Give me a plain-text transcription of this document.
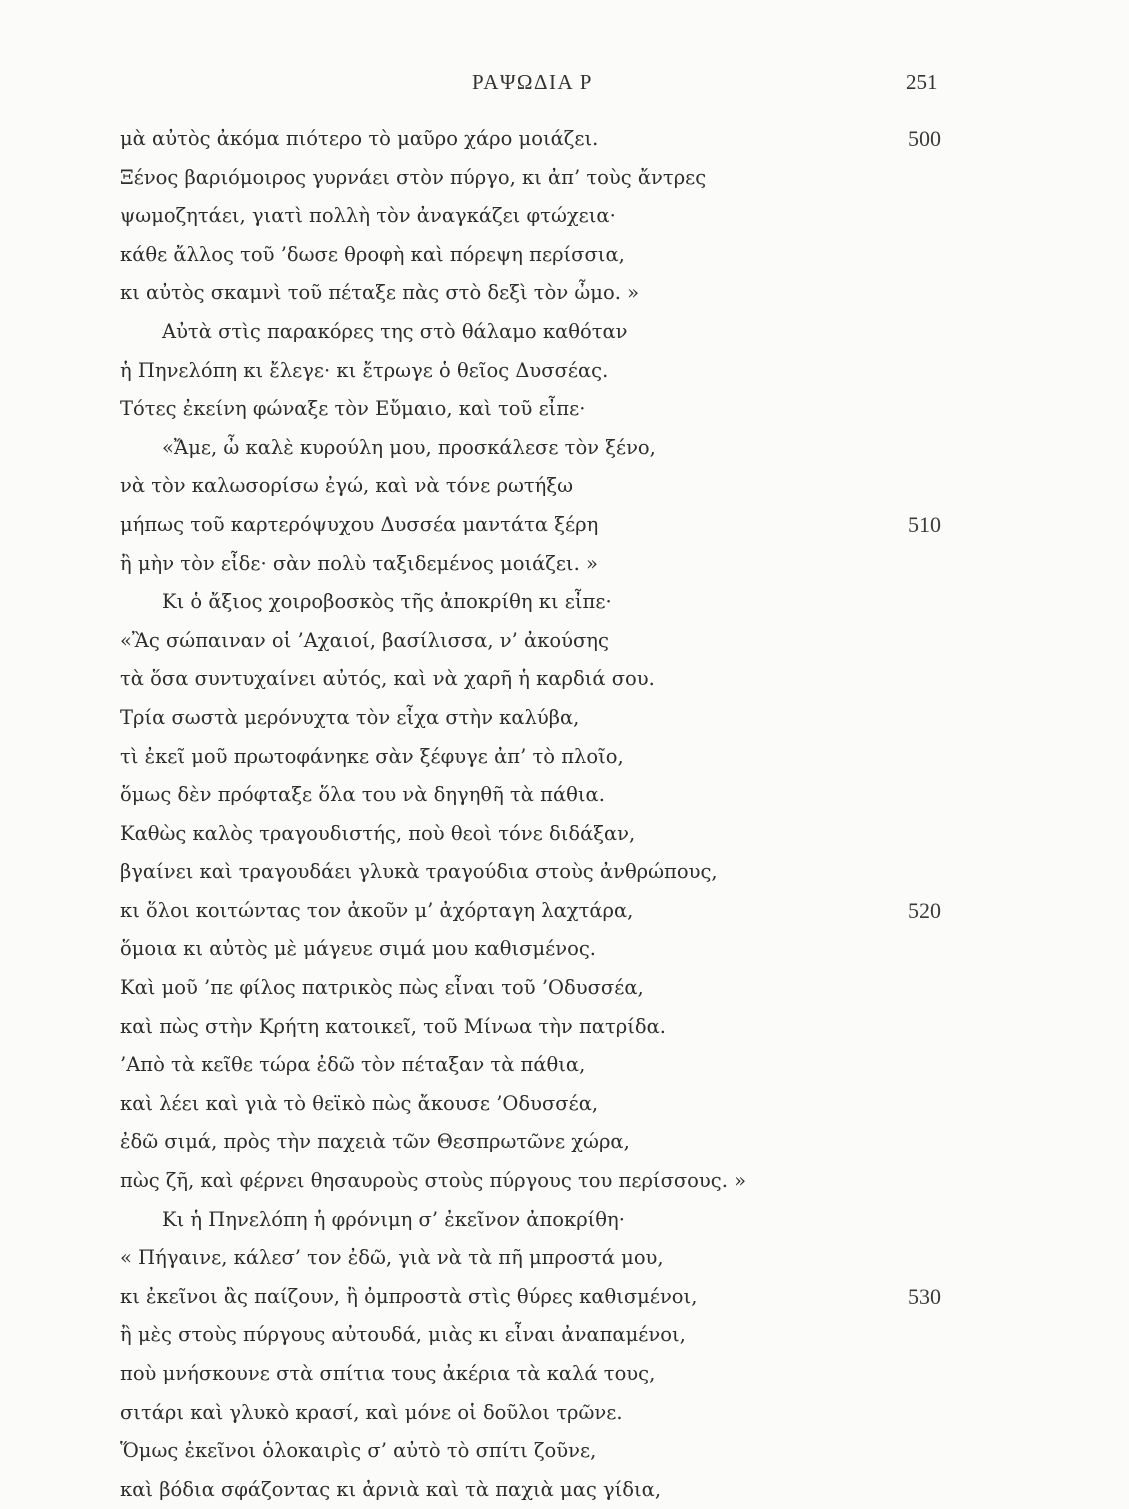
ΡΑΨΩΔΙΑ Ρ	251
μὰ αὐτὸς ἀκόμα πιότερο τὸ μαῦρο χάρο μοιάζει.	500
Ξένος βαριόμοιρος γυρνάει στὸν πύργο, κι ἀπ’ τοὺς ἄντρες
ψωμοζητάει, γιατὶ πολλὴ τὸν ἀναγκάζει φτώχεια·
κάθε ἄλλος τοῦ ’δωσε θροφὴ καὶ πόρεψη περίσσια,
κι αὐτὸς σκαμνὶ τοῦ πέταξε πὰς στὸ δεξὶ τὸν ὦμο. »
Αὐτὰ στὶς παρακόρες της στὸ θάλαμο καθόταν
ἡ Πηνελόπη κι ἔλεγε· κι ἔτρωγε ὁ θεῖος Δυσσέας.
Τότες ἐκείνη φώναξε τὸν Εὔμαιο, καὶ τοῦ εἶπε·
«Ἄμε, ὦ καλὲ κυρούλη μου, προσκάλεσε τὸν ξένο,
νὰ τὸν καλωσορίσω ἐγώ, καὶ νὰ τόνε ρωτήξω
μήπως τοῦ καρτερόψυχου Δυσσέα μαντάτα ξέρη	510
ἢ μὴν τὸν εἶδε· σὰν πολὺ ταξιδεμένος μοιάζει. »
Κι ὁ ἄξιος χοιροβοσκὸς τῆς ἀποκρίθη κι εἶπε·
«Ἂς σώπαιναν οἱ ’Αχαιοί, βασίλισσα, ν’ ἀκούσης
τὰ ὅσα συντυχαίνει αὐτός, καὶ νὰ χαρῆ ἡ καρδιά σου.
Τρία σωστὰ μερόνυχτα τὸν εἶχα στὴν καλύβα,
τὶ ἐκεῖ μοῦ πρωτοφάνηκε σὰν ξέφυγε ἀπ’ τὸ πλοῖο,
ὅμως δὲν πρόφταξε ὅλα του νὰ δηγηθῆ τὰ πάθια.
Καθὼς καλὸς τραγουδιστής, ποὺ θεοὶ τόνε διδάξαν,
βγαίνει καὶ τραγουδάει γλυκὰ τραγούδια στοὺς ἀνθρώπους,
κι ὅλοι κοιτώντας τον ἀκοῦν μ’ ἀχόρταγη λαχτάρα,	520
ὅμοια κι αὐτὸς μὲ μάγευε σιμά μου καθισμένος.
Καὶ μοῦ ’πε φίλος πατρικὸς πὼς εἶναι τοῦ ’Οδυσσέα,
καὶ πὼς στὴν Κρήτη κατοικεῖ, τοῦ Μίνωα τὴν πατρίδα.
’Απὸ τὰ κεῖθε τώρα ἐδῶ τὸν πέταξαν τὰ πάθια,
καὶ λέει καὶ γιὰ τὸ θεϊκὸ πὼς ἄκουσε ’Οδυσσέα,
ἐδῶ σιμά, πρὸς τὴν παχειὰ τῶν Θεσπρωτῶνε χώρα,
πὼς ζῆ, καὶ φέρνει θησαυροὺς στοὺς πύργους του περίσσους. »
Κι ἡ Πηνελόπη ἡ φρόνιμη σ’ ἐκεῖνον ἀποκρίθη·
« Πήγαινε, κάλεσ’ τον ἐδῶ, γιὰ νὰ τὰ πῆ μπροστά μου,
κι ἐκεῖνοι ἂς παίζουν, ἢ ὀμπροστὰ στὶς θύρες καθισμένοι,	530
ἢ μὲς στοὺς πύργους αὐτουδά, μιὰς κι εἶναι ἀναπαμένοι,
ποὺ μνήσκουνε στὰ σπίτια τους ἀκέρια τὰ καλά τους,
σιτάρι καὶ γλυκὸ κρασί, καὶ μόνε οἱ δοῦλοι τρῶνε.
Ὅμως ἐκεῖνοι ὁλοκαιρὶς σ’ αὐτὸ τὸ σπίτι ζοῦνε,
καὶ βόδια σφάζοντας κι ἀρνιὰ καὶ τὰ παχιὰ μας γίδια,
